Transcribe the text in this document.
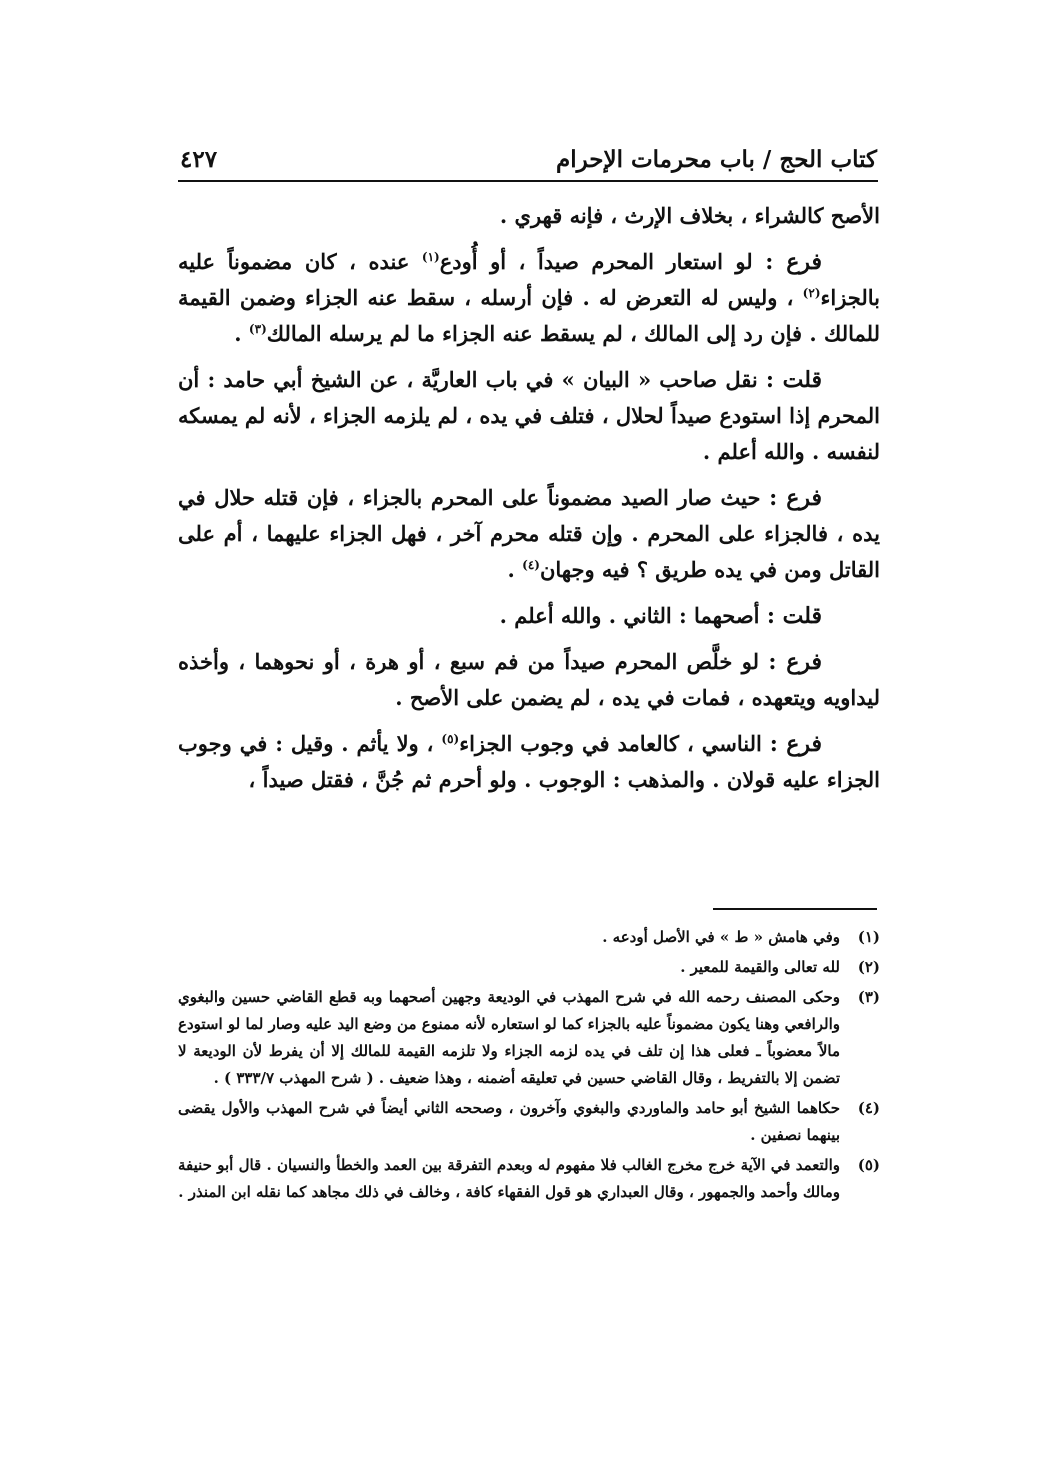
كتاب الحج / باب محرمات الإحرام
٤٢٧

الأصح كالشراء ، بخلاف الإرث ، فإنه قهري .

فرع : لو استعار المحرم صيداً ، أو أُودع$^{(١)}$ عنده ، كان مضموناً عليه بالجزاء$^{(٢)}$ ، وليس له التعرض له . فإن أرسله ، سقط عنه الجزاء وضمن القيمة للمالك . فإن رد إلى المالك ، لم يسقط عنه الجزاء ما لم يرسله المالك$^{(٣)}$ .

قلت : نقل صاحب « البيان » في باب العاريَّة ، عن الشيخ أبي حامد : أن المحرم إذا استودع صيداً لحلال ، فتلف في يده ، لم يلزمه الجزاء ، لأنه لم يمسكه لنفسه . والله أعلم .

فرع : حيث صار الصيد مضموناً على المحرم بالجزاء ، فإن قتله حلال في يده ، فالجزاء على المحرم . وإن قتله محرم آخر ، فهل الجزاء عليهما ، أم على القاتل ومن في يده طريق ؟ فيه وجهان$^{(٤)}$ .

قلت : أصحهما : الثاني . والله أعلم .

فرع : لو خلَّص المحرم صيداً من فم سبع ، أو هرة ، أو نحوهما ، وأخذه ليداويه ويتعهده ، فمات في يده ، لم يضمن على الأصح .

فرع : الناسي ، كالعامد في وجوب الجزاء$^{(٥)}$ ، ولا يأثم . وقيل : في وجوب الجزاء عليه قولان . والمذهب : الوجوب . ولو أحرم ثم جُنَّ ، فقتل صيداً ،

(١)
وفي هامش « ط » في الأصل أودعه .
(٢)
لله تعالى والقيمة للمعير .
(٣)
وحكى المصنف رحمه الله في شرح المهذب في الوديعة وجهين أصحهما وبه قطع القاضي حسين والبغوي والرافعي وهنا يكون مضموناً عليه بالجزاء كما لو استعاره لأنه ممنوع من وضع اليد عليه وصار لما لو استودع مالاً معضوباً ـ فعلى هذا إن تلف في يده لزمه الجزاء ولا تلزمه القيمة للمالك إلا أن يفرط لأن الوديعة لا تضمن إلا بالتفريط ، وقال القاضي حسين في تعليقه أضمنه ، وهذا ضعيف . ( شرح المهذب ٣٣٣/٧ ) .
(٤)
حكاهما الشيخ أبو حامد والماوردي والبغوي وآخرون ، وصححه الثاني أيضاً في شرح المهذب والأول يقضى بينهما نصفين .
(٥)
والتعمد في الآية خرج مخرج الغالب فلا مفهوم له وبعدم التفرقة بين العمد والخطأ والنسيان . قال أبو حنيفة ومالك وأحمد والجمهور ، وقال العبداري هو قول الفقهاء كافة ، وخالف في ذلك مجاهد كما نقله ابن المنذر .
